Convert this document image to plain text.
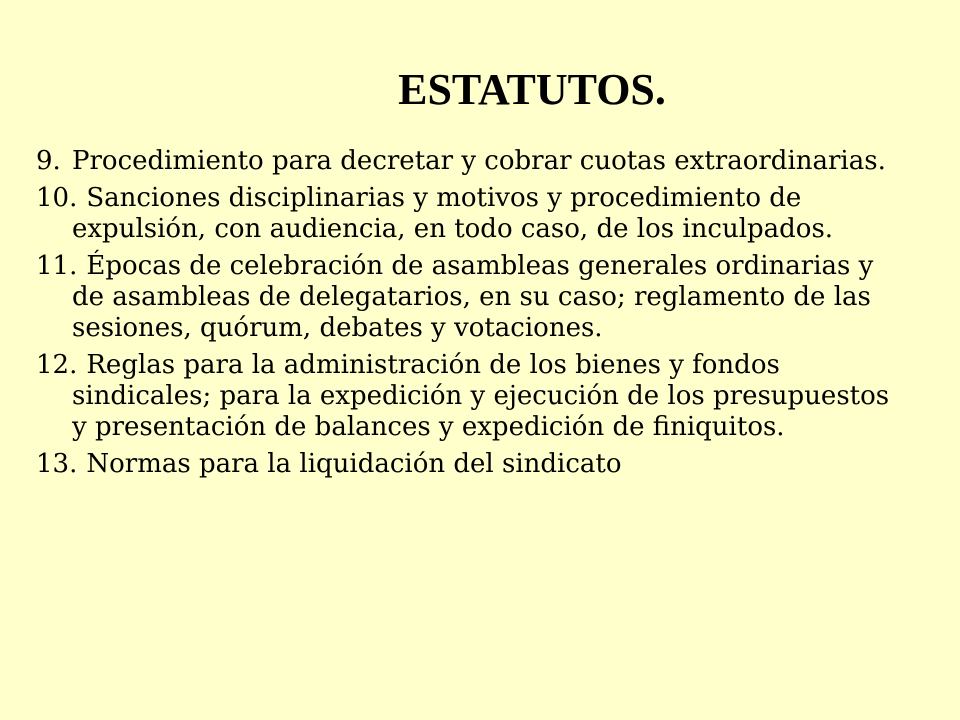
ESTATUTOS.
9. Procedimiento para decretar y cobrar cuotas extraordinarias.
10. Sanciones disciplinarias y motivos y procedimiento de expulsión, con audiencia, en todo caso, de los inculpados.
11. Épocas de celebración de asambleas generales ordinarias y de asambleas de delegatarios, en su caso; reglamento de las sesiones, quórum, debates y votaciones.
12. Reglas para la administración de los bienes y fondos sindicales; para la expedición y ejecución de los presupuestos y presentación de balances y expedición de finiquitos.
13. Normas para la liquidación del sindicato
